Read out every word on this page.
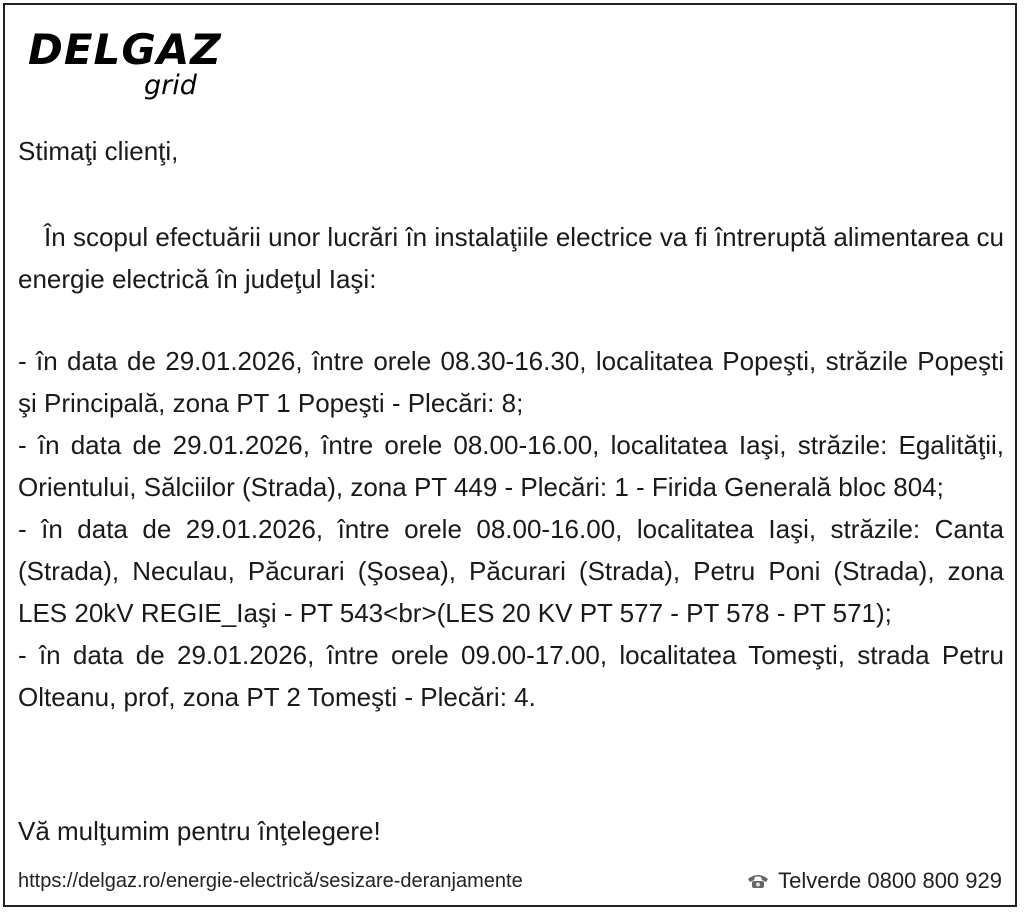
DELGAZ
grid
Stimaţi clienţi,
În scopul efectuării unor lucrări în instalaţiile electrice va fi întreruptă alimentarea cu energie electrică în judeţul Iaşi:
- în data de 29.01.2026, între orele 08.30-16.30, localitatea Popeşti, străzile Popeşti şi Principală, zona PT 1 Popeşti - Plecări: 8;
- în data de 29.01.2026, între orele 08.00-16.00, localitatea Iaşi, străzile: Egalităţii, Orientului, Sălciilor (Strada), zona PT 449 - Plecări: 1 - Firida Generală bloc 804;
- în data de 29.01.2026, între orele 08.00-16.00, localitatea Iaşi, străzile: Canta (Strada), Neculau, Păcurari (Şosea), Păcurari (Strada), Petru Poni (Strada), zona LES 20kV REGIE_Iaşi - PT 543<br>(LES 20 KV PT 577 - PT 578 - PT 571);
- în data de 29.01.2026, între orele 09.00-17.00, localitatea Tomeşti, strada Petru Olteanu, prof, zona PT 2 Tomeşti - Plecări: 4.
Vă mulţumim pentru înţelegere!
https://delgaz.ro/energie-electrică/sesizare-deranjamente	Telverde 0800 800 929
